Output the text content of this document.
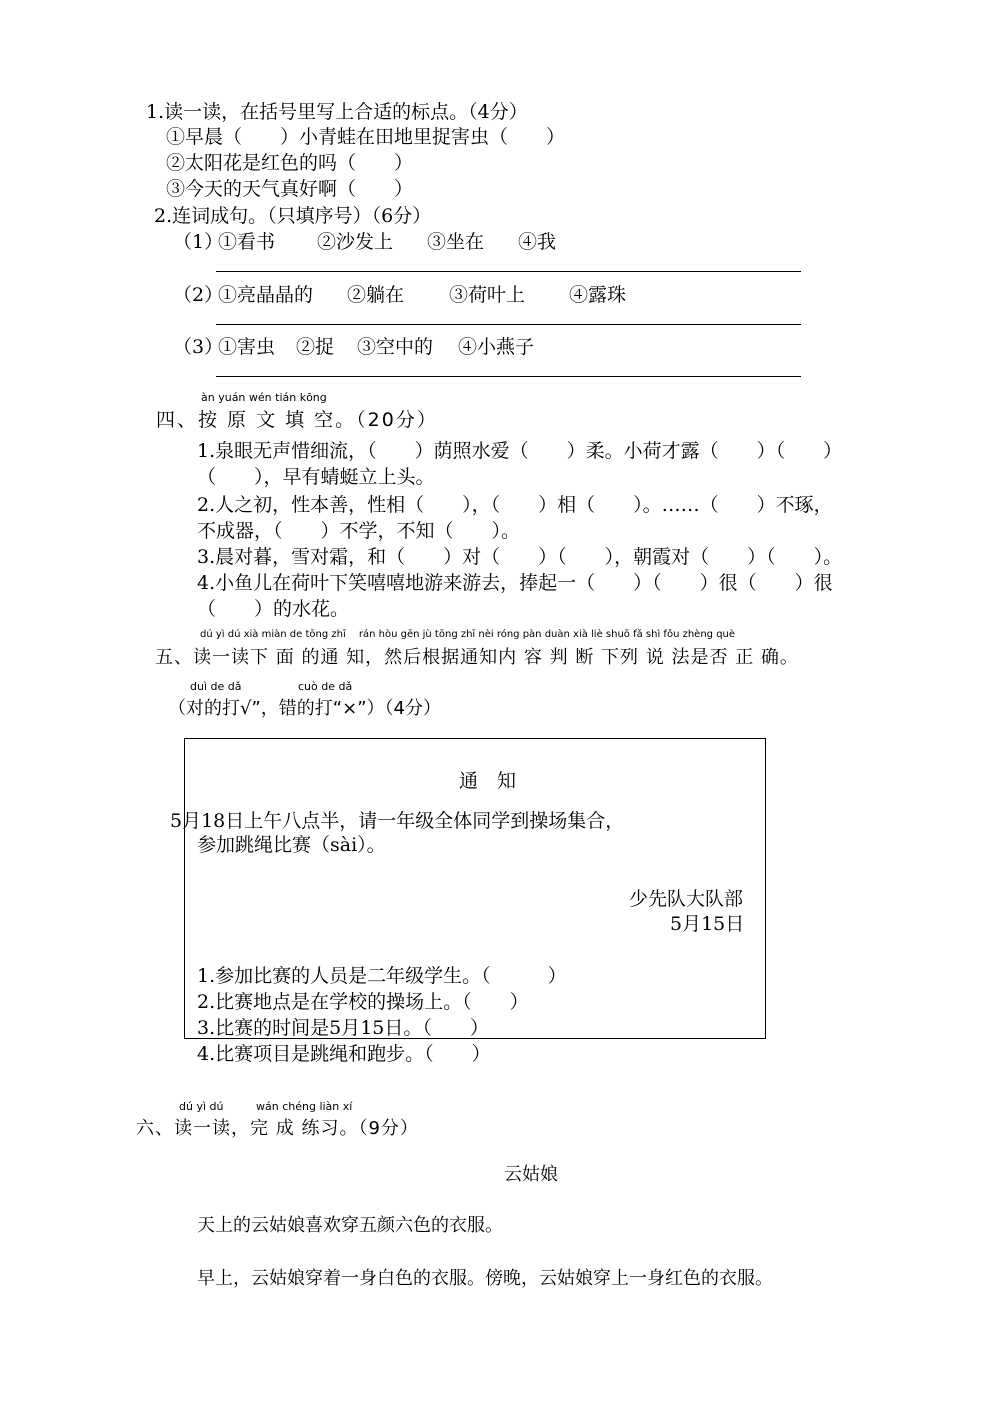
1.读一读，在括号里写上合适的标点。（4分）
①早晨（　　）小青蛙在田地里捉害虫（　　）
②太阳花是红色的吗（　　）
③今天的天气真好啊（　　）
2.连词成句。（只填序号）（6分）
（1）
①看书 ②沙发上 ③坐在 ④我
（2）
①亮晶晶的 ②躺在 ③荷叶上 ④露珠
（3）
①害虫 ②捉 ③空中的 ④小燕子
àn yuán wén tián kōng
四、按 原 文 填 空。（20分）
1.泉眼无声惜细流，（　　）荫照水爱（　　）柔。小荷才露（　　）（　　）
（　　），早有蜻蜓立上头。
2.人之初，性本善，性相（　　），（　　）相（　　）。……（　　）不琢，
不成器，（　　）不学，不知（　　）。
3.晨对暮，雪对霜，和（　　）对（　　）（　　），朝霞对（　　）（　　）。
4.小鱼儿在荷叶下笑嘻嘻地游来游去，捧起一（　　）（　　）很（　　）很
（　　）的水花。
dú yì dú xià miàn de tōng zhī　 rán hòu gēn jù tōng zhī nèi róng pàn duàn xià liè shuō fǎ shì fǒu zhèng què
五、读一读下 面 的通 知，然后根据通知内 容 判 断 下列 说 法是否 正 确。
duì de dǎ	cuò de dǎ
（对的打√”，错的打“×”）（4分）
通　知
5月18日上午八点半，请一年级全体同学到操场集合，
参加跳绳比赛（sài）。
少先队大队部
5月15日
1.参加比赛的人员是二年级学生。（　　　）
2.比赛地点是在学校的操场上。（　　）
3.比赛的时间是5月15日。（　　）
4.比赛项目是跳绳和跑步。（　　）
dú yì dú	wán chéng liàn xí
六、读一读，完 成 练习。（9分）
云姑娘
天上的云姑娘喜欢穿五颜六色的衣服。
早上，云姑娘穿着一身白色的衣服。傍晚，云姑娘穿上一身红色的衣服。
